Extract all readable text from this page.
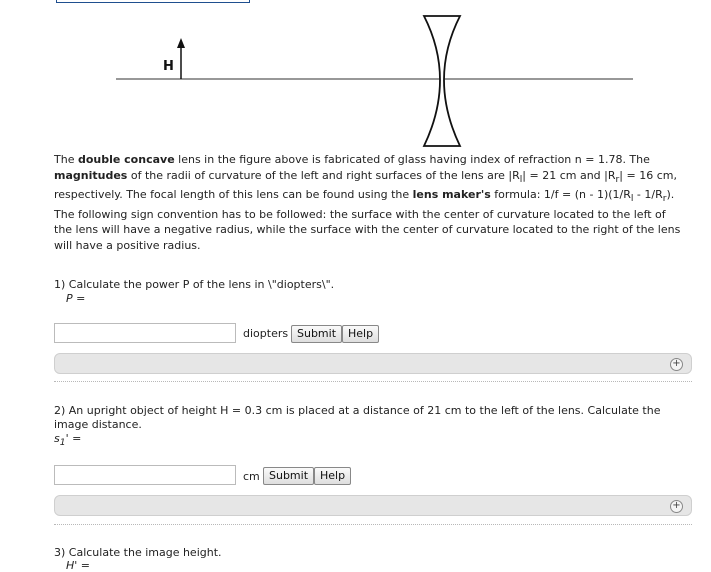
H
The double concave lens in the figure above is fabricated of glass having index of refraction n = 1.78. The magnitudes of the radii of curvature of the left and right surfaces of the lens are $|R_l| = 21$ cm and $|R_r| = 16$ cm, respectively. The focal length of this lens can be found using the lens maker's formula: $1/f = (n - 1)(1/R_l - 1/R_r)$. The following sign convention has to be followed: the surface with the center of curvature located to the left of the lens will have a negative radius, while the surface with the center of curvature located to the right of the lens will have a positive radius.
1) Calculate the power P of the lens in \"diopters\".
P =
diopters Submit	Help
+
2) An upright object of height H = 0.3 cm is placed at a distance of 21 cm to the left of the lens. Calculate the image distance.
$s_1'$ =
cm Submit	Help
+
3) Calculate the image height.
H' =
